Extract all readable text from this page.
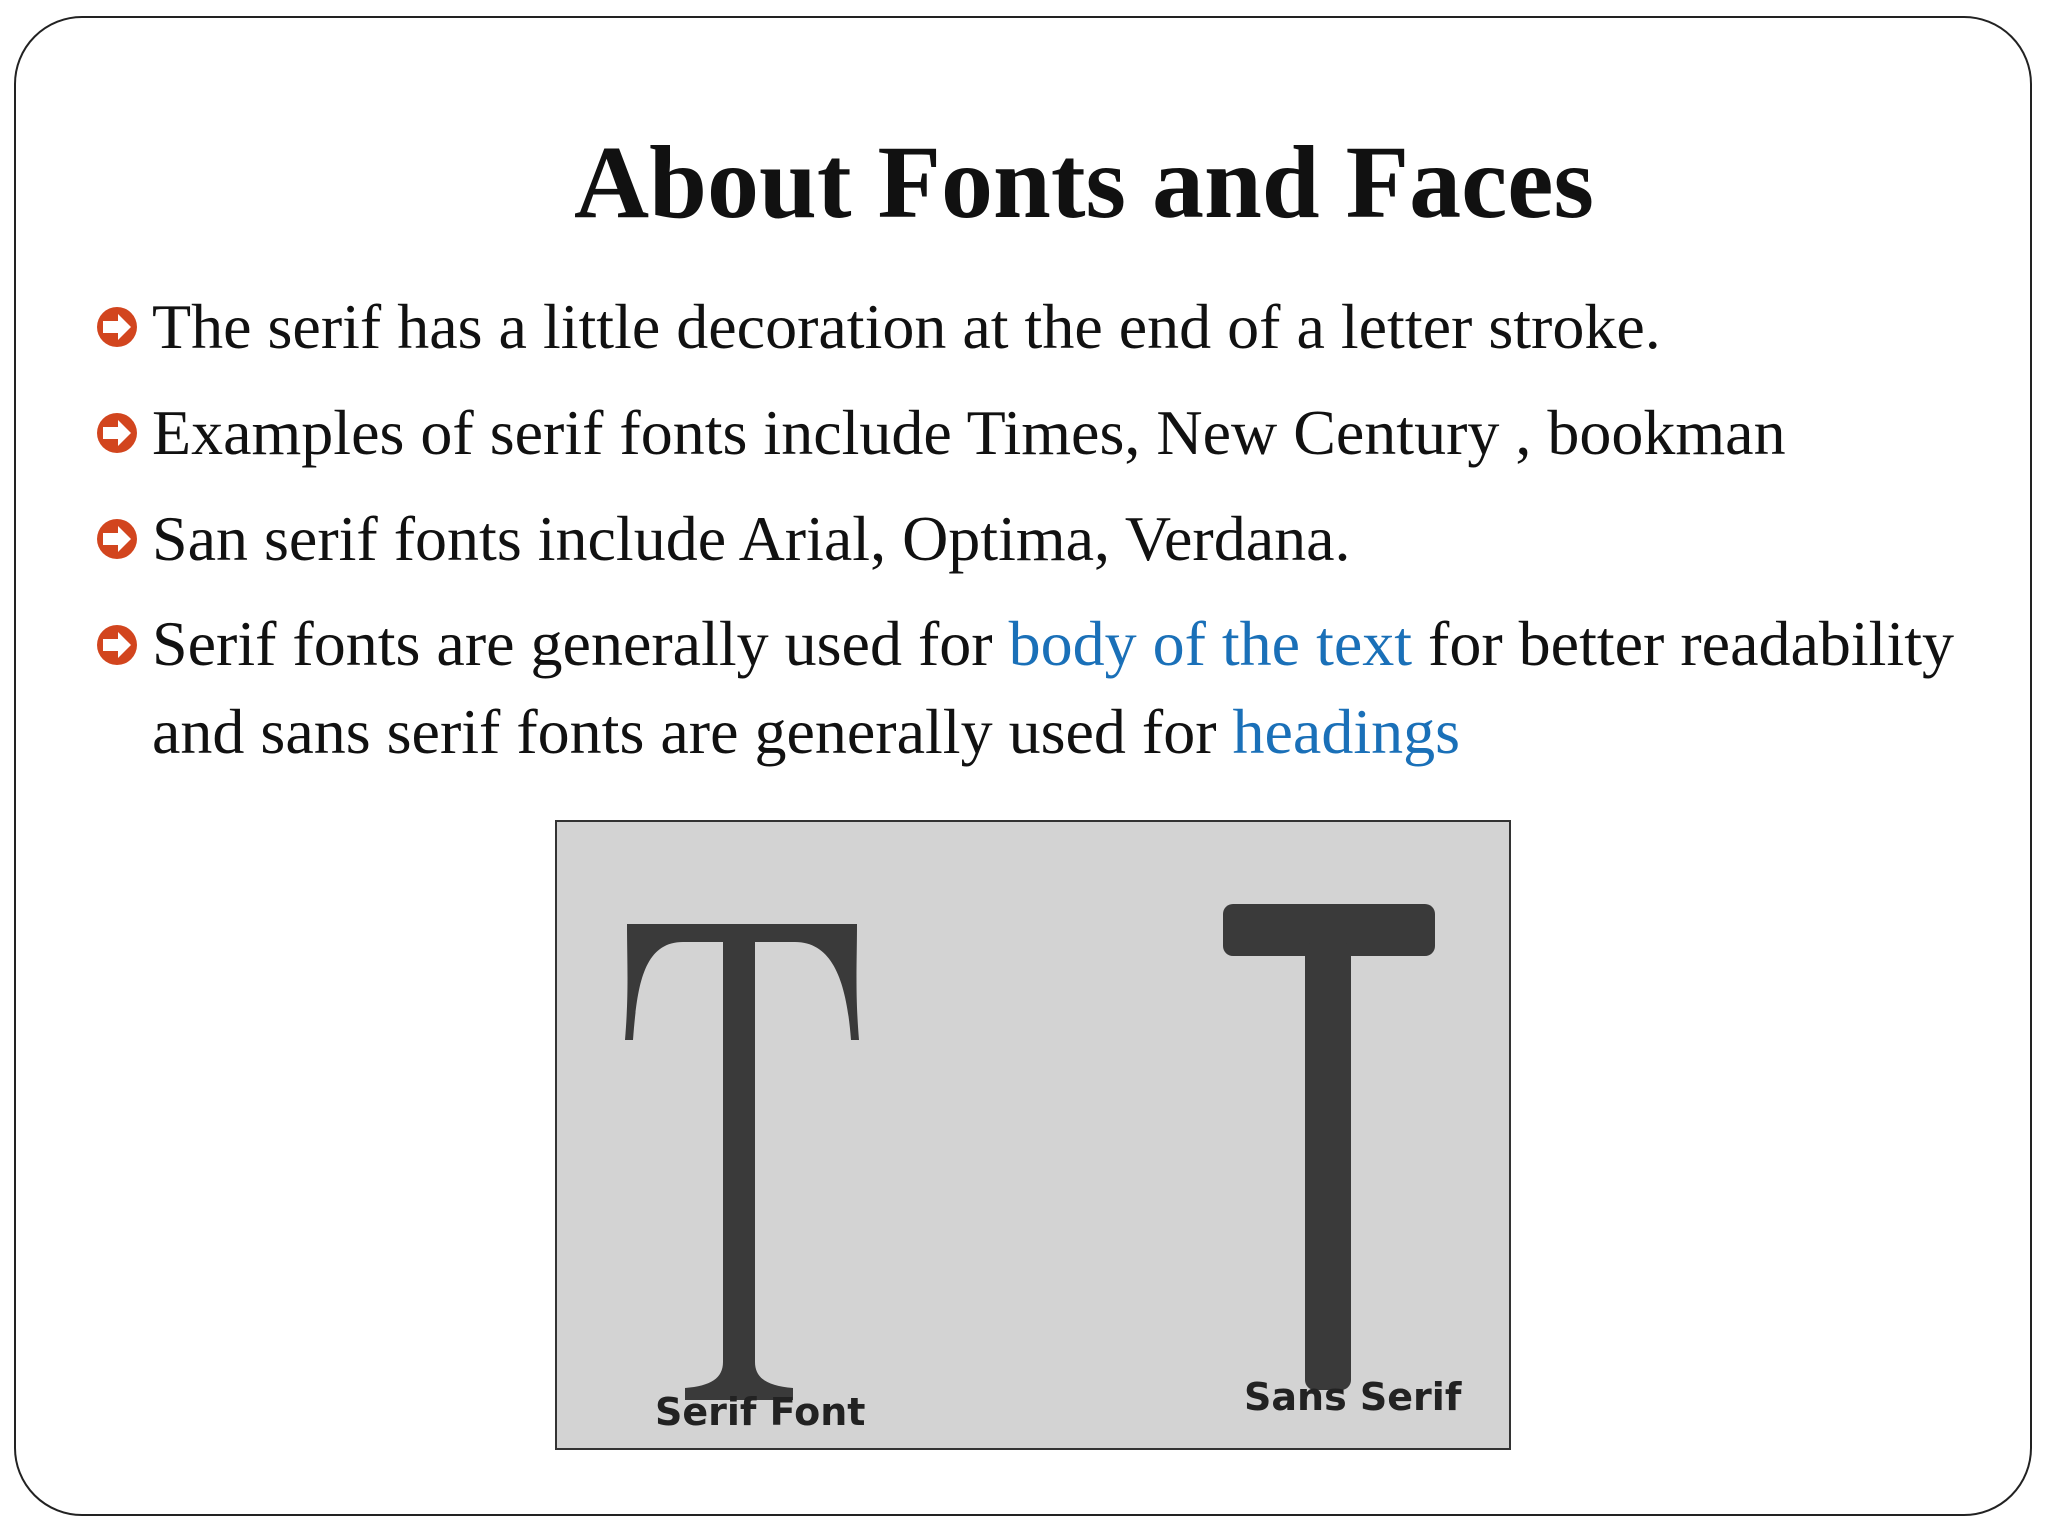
About Fonts and Faces
The serif has a little decoration at the end of a letter stroke.
Examples of serif fonts include Times, New Century , bookman
San serif fonts include Arial, Optima, Verdana.
Serif fonts are generally used for body of the text for better readability and sans serif fonts are generally used for headings
Serif Font	Sans Serif
